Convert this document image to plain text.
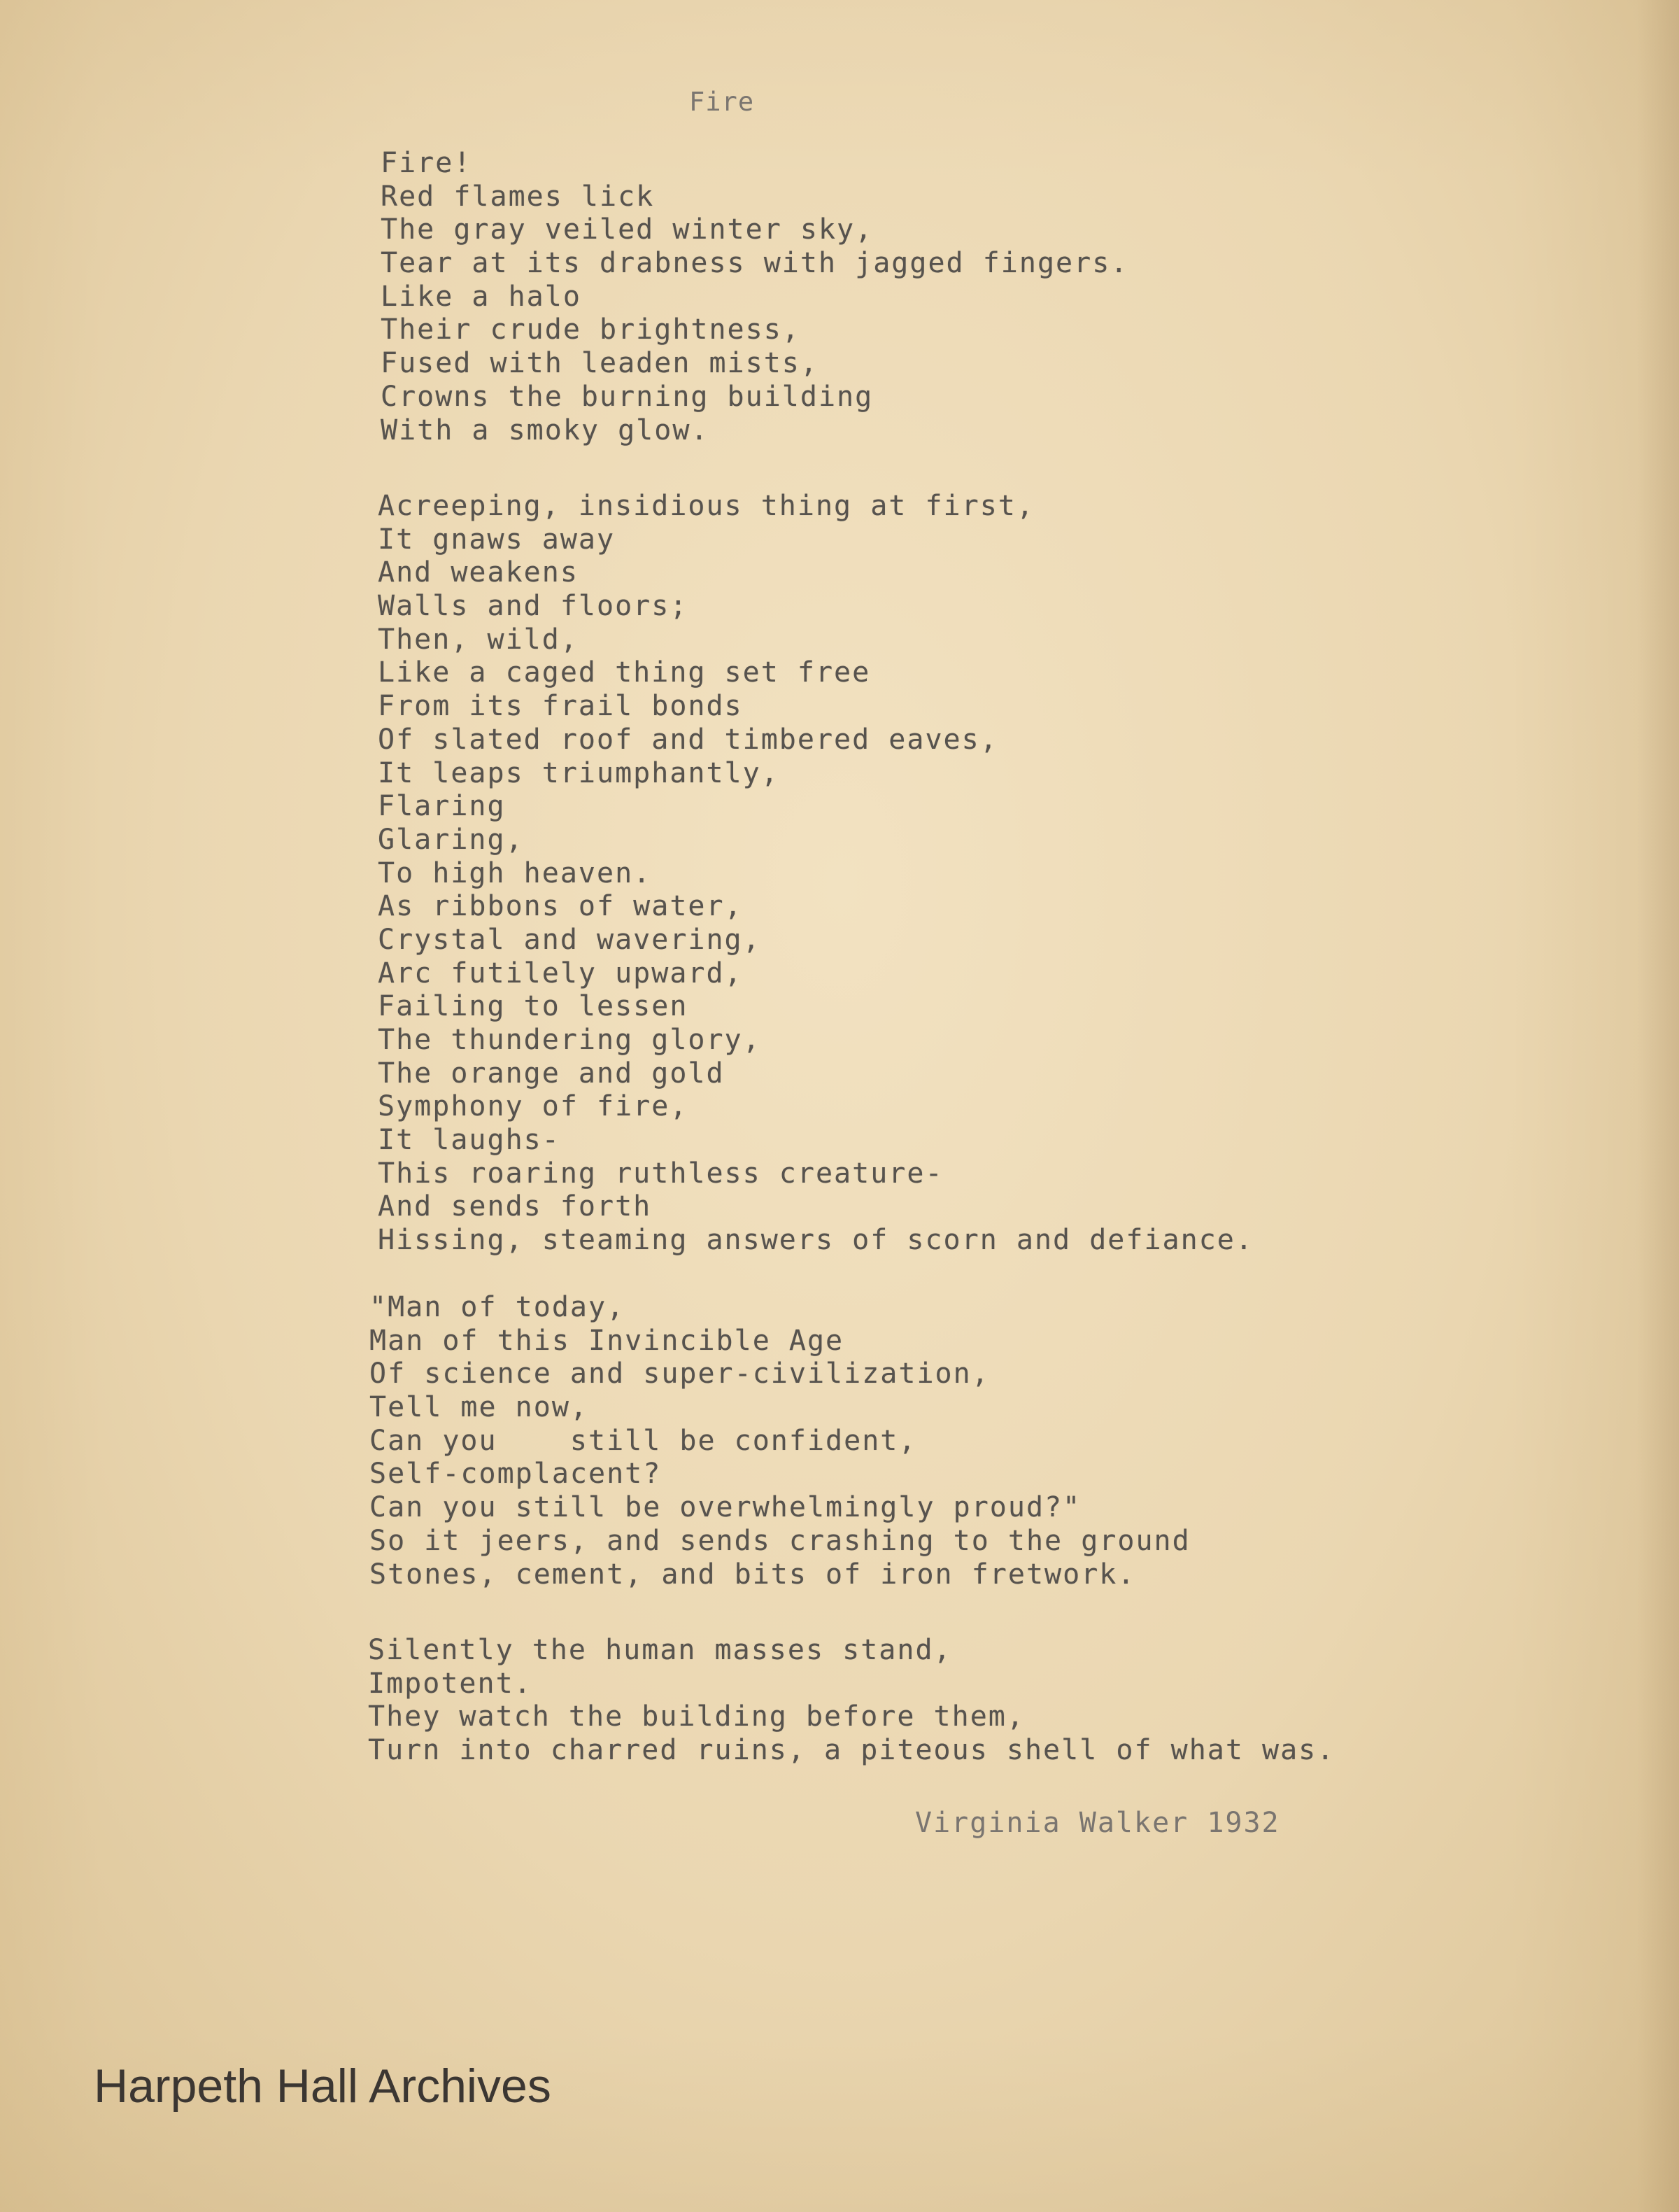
Fire
Fire!
Red flames lick
The gray veiled winter sky,
Tear at its drabness with jagged fingers.
Like a halo
Their crude brightness,
Fused with leaden mists,
Crowns the burning building
With a smoky glow.
Acreeping, insidious thing at first,
It gnaws away
And weakens
Walls and floors;
Then, wild,
Like a caged thing set free
From its frail bonds
Of slated roof and timbered eaves,
It leaps triumphantly,
Flaring
Glaring,
To high heaven.
As ribbons of water,
Crystal and wavering,
Arc futilely upward,
Failing to lessen
The thundering glory,
The orange and gold
Symphony of fire,
It laughs-
This roaring ruthless creature-
And sends forth
Hissing, steaming answers of scorn and defiance.
"Man of today,
Man of this Invincible Age
Of science and super-civilization,
Tell me now,
Can you    still be confident,
Self-complacent?
Can you still be overwhelmingly proud?"
So it jeers, and sends crashing to the ground
Stones, cement, and bits of iron fretwork.
Silently the human masses stand,
Impotent.
They watch the building before them,
Turn into charred ruins, a piteous shell of what was.
Virginia Walker 1932
Harpeth Hall Archives
